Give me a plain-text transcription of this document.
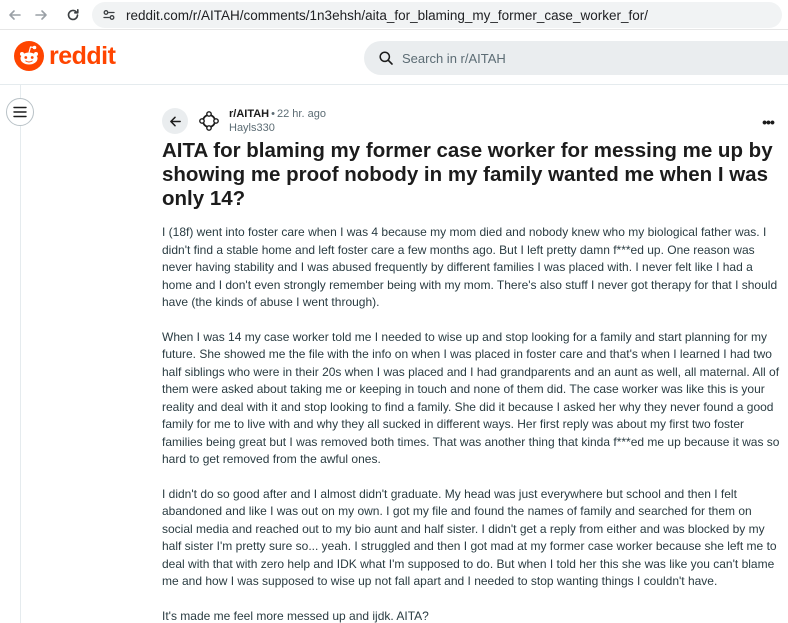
reddit.com/r/AITAH/comments/1n3ehsh/aita_for_blaming_my_former_case_worker_for/
reddit	Search in r/AITAH
r/AITAH • 22 hr. ago
Hayls330	•••
AITA for blaming my former case worker for messing me up by showing me proof nobody in my family wanted me when I was only 14?

I (18f) went into foster care when I was 4 because my mom died and nobody knew who my biological father was. I didn't find a stable home and left foster care a few months ago. But I left pretty damn f***ed up. One reason was never having stability and I was abused frequently by different families I was placed with. I never felt like I had a home and I don't even strongly remember being with my mom. There's also stuff I never got therapy for that I should have (the kinds of abuse I went through).

When I was 14 my case worker told me I needed to wise up and stop looking for a family and start planning for my future. She showed me the file with the info on when I was placed in foster care and that's when I learned I had two half siblings who were in their 20s when I was placed and I had grandparents and an aunt as well, all maternal. All of them were asked about taking me or keeping in touch and none of them did. The case worker was like this is your reality and deal with it and stop looking to find a family. She did it because I asked her why they never found a good family for me to live with and why they all sucked in different ways. Her first reply was about my first two foster families being great but I was removed both times. That was another thing that kinda f***ed me up because it was so hard to get removed from the awful ones.

I didn't do so good after and I almost didn't graduate. My head was just everywhere but school and then I felt abandoned and like I was out on my own. I got my file and found the names of family and searched for them on social media and reached out to my bio aunt and half sister. I didn't get a reply from either and was blocked by my half sister I'm pretty sure so... yeah. I struggled and then I got mad at my former case worker because she left me to deal with that with zero help and IDK what I'm supposed to do. But when I told her this she was like you can't blame me and how I was supposed to wise up not fall apart and I needed to stop wanting things I couldn't have.

It's made me feel more messed up and ijdk. AITA?
